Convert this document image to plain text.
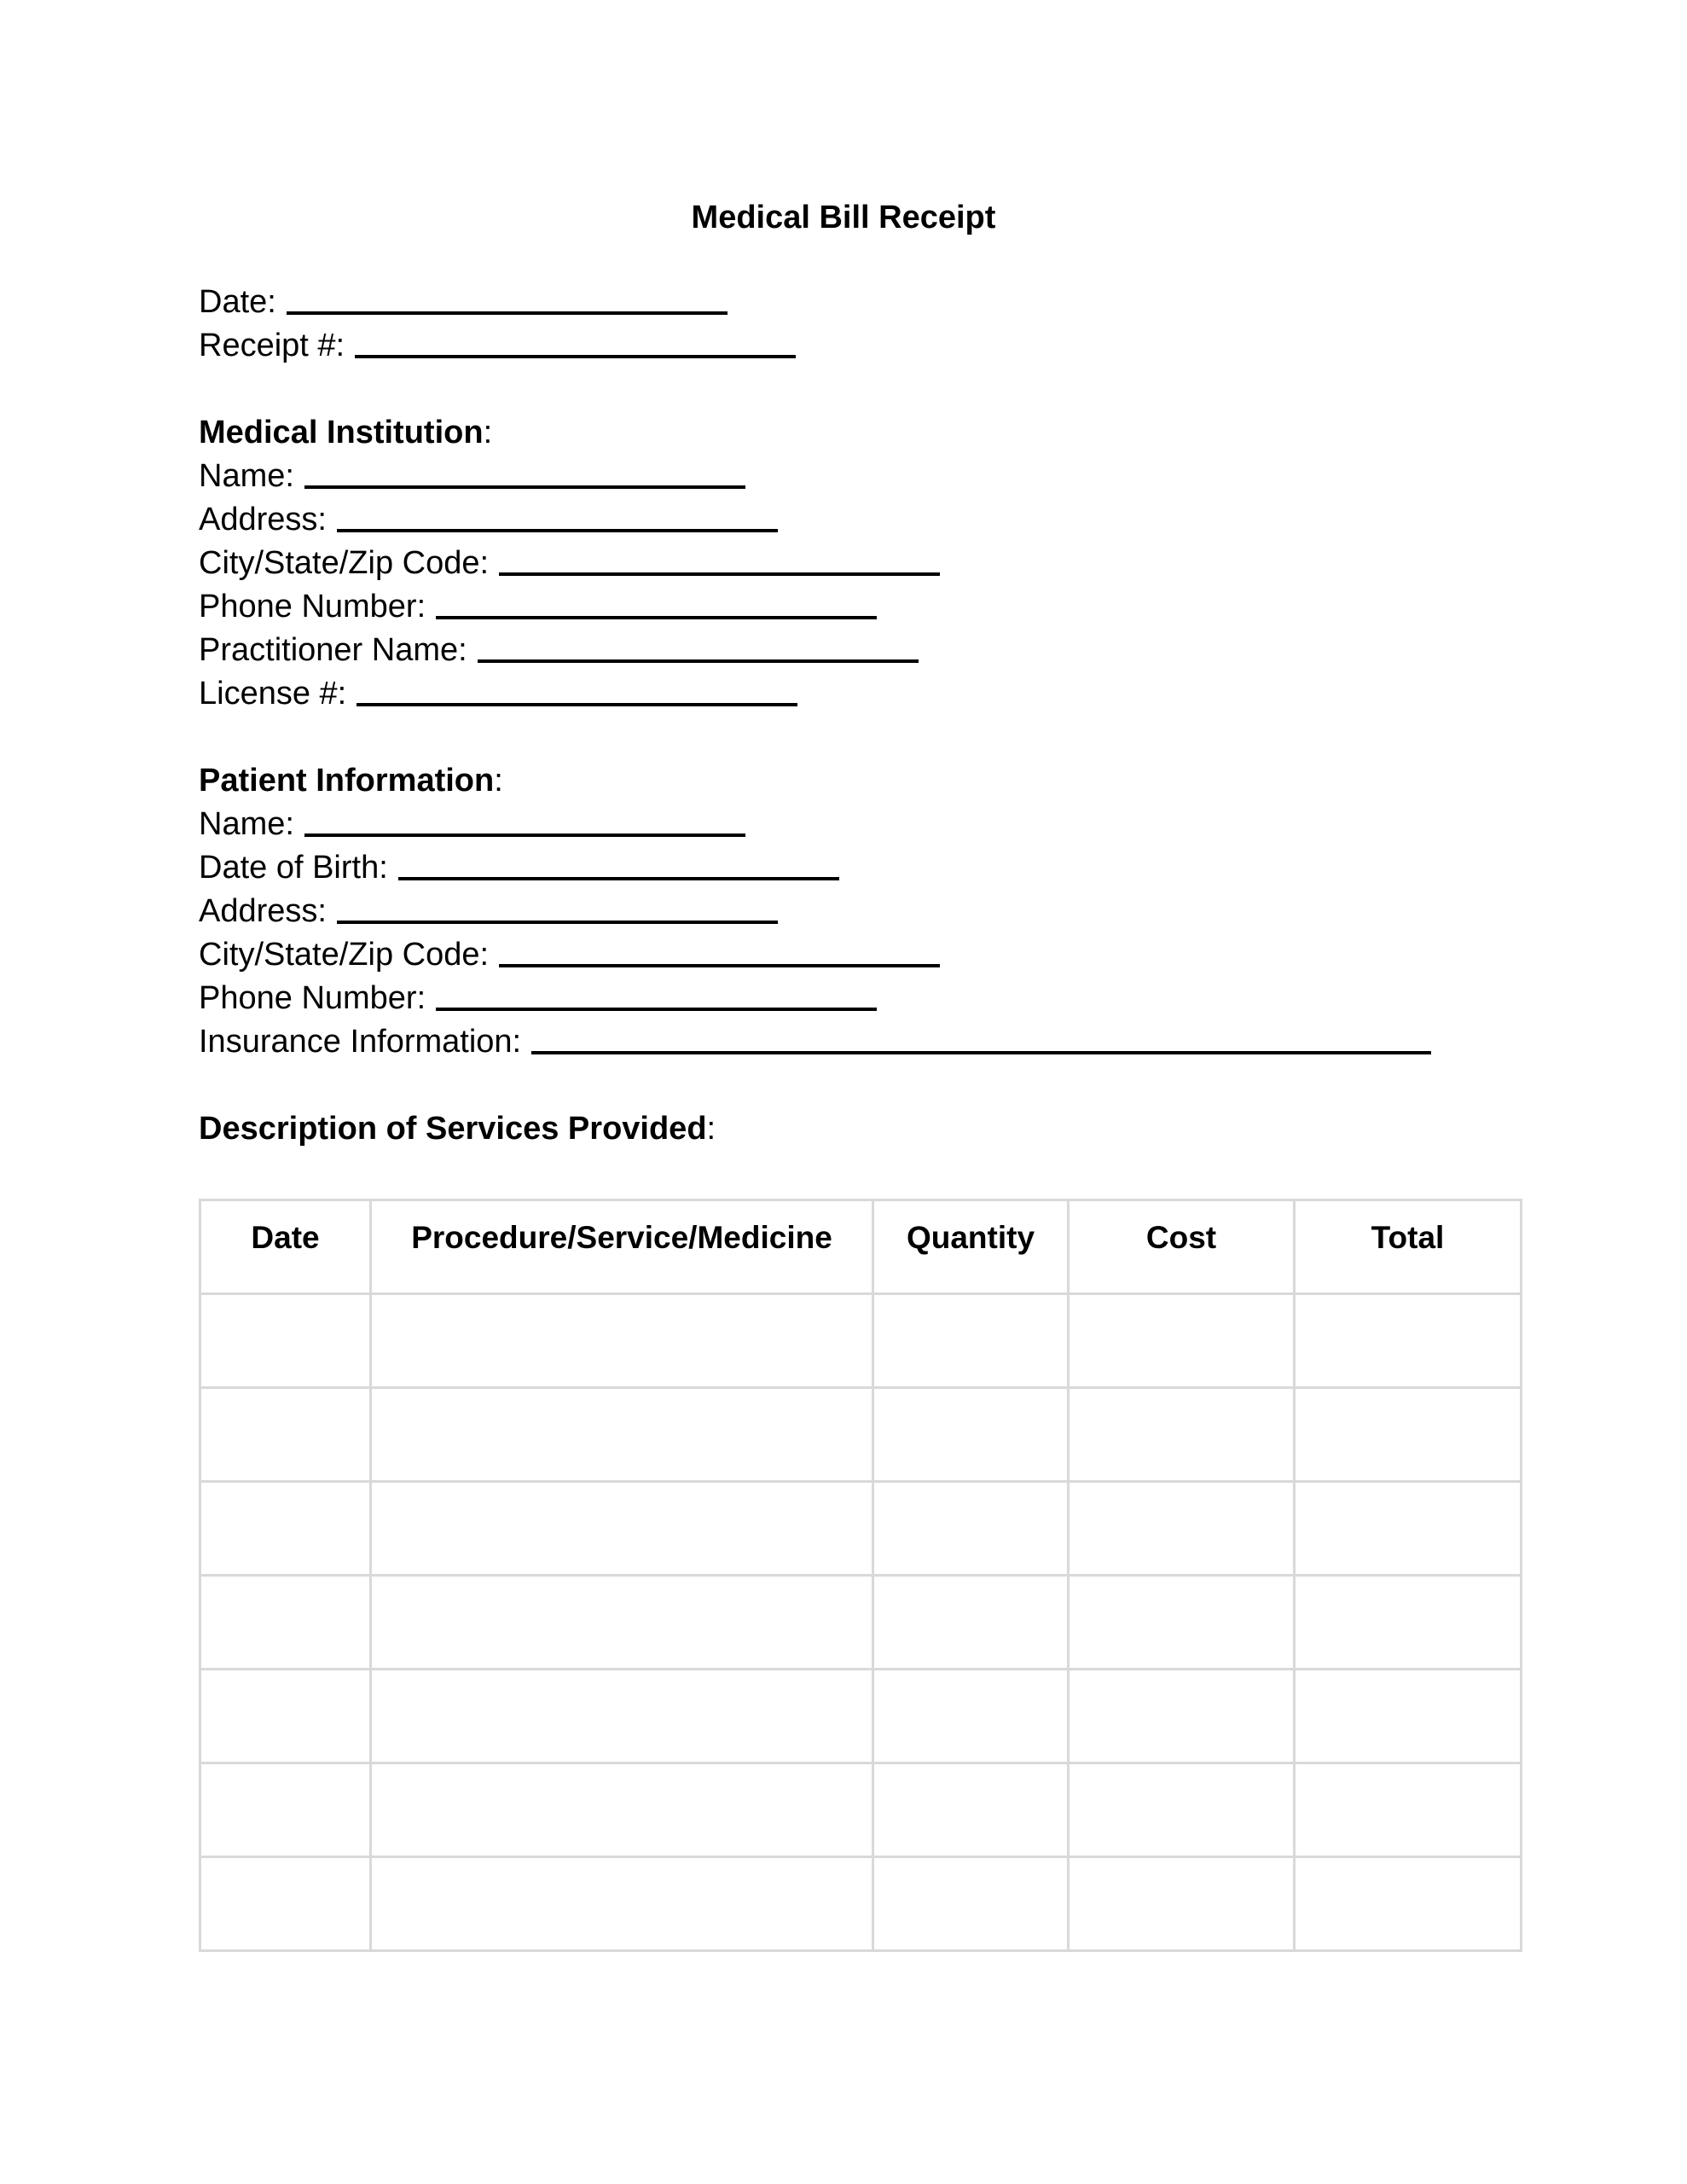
Medical Bill Receipt
Date:
Receipt #:
Medical Institution:
Name:
Address:
City/State/Zip Code:
Phone Number:
Practitioner Name:
License #:
Patient Information:
Name:
Date of Birth:
Address:
City/State/Zip Code:
Phone Number:
Insurance Information:
Description of Services Provided:
Date	Procedure/Service/Medicine	Quantity	Cost	Total
